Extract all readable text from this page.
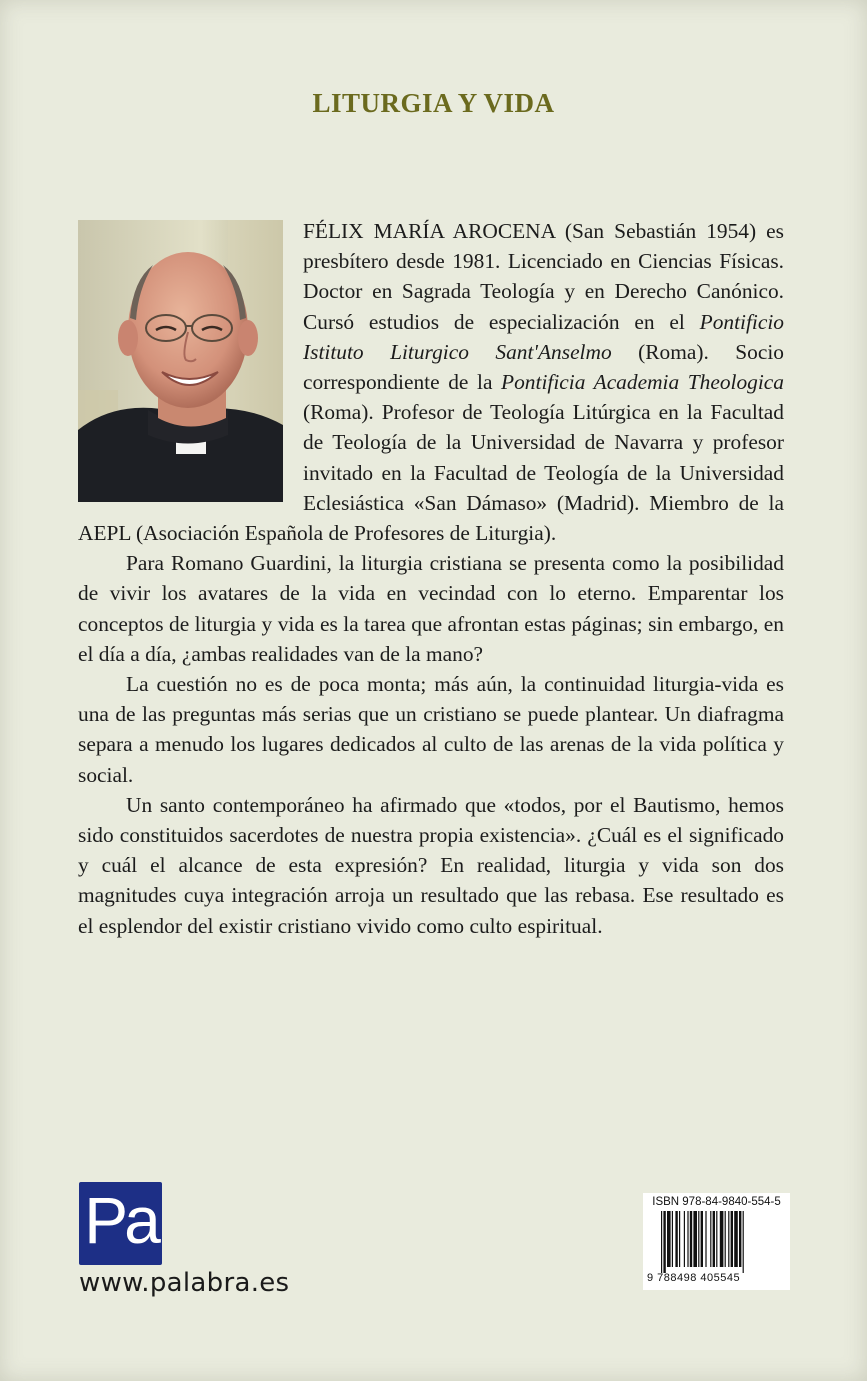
LITURGIA Y VIDA

FÉLIX MARÍA AROCENA (San Sebastián 1954) es presbítero desde 1981. Licenciado en Ciencias Físicas. Doctor en Sagrada Teología y en Derecho Canónico. Cursó estudios de especialización en el Pontificio Istituto Liturgico Sant'Anselmo (Roma). Socio correspondiente de la Pontificia Academia Theologica (Roma). Profesor de Teología Litúrgica en la Facultad de Teología de la Universidad de Navarra y profesor invitado en la Facultad de Teología de la Universidad Eclesiástica «San Dámaso» (Madrid). Miembro de la AEPL (Asociación Española de Profesores de Liturgia).

Para Romano Guardini, la liturgia cristiana se presenta como la posibilidad de vivir los avatares de la vida en vecindad con lo eterno. Emparentar los conceptos de liturgia y vida es la tarea que afrontan estas páginas; sin embargo, en el día a día, ¿ambas realidades van de la mano?

La cuestión no es de poca monta; más aún, la continuidad liturgia-vida es una de las preguntas más serias que un cristiano se puede plantear. Un diafragma separa a menudo los lugares dedicados al culto de las arenas de la vida política y social.

Un santo contemporáneo ha afirmado que «todos, por el Bautismo, hemos sido constituidos sacerdotes de nuestra propia existencia». ¿Cuál es el significado y cuál el alcance de esta expresión? En realidad, liturgia y vida son dos magnitudes cuya integración arroja un resultado que las rebasa. Ese resultado es el esplendor del existir cristiano vivido como culto espiritual.

Pa
www.palabra.es
ISBN 978-84-9840-554-5
9 788498 405545
